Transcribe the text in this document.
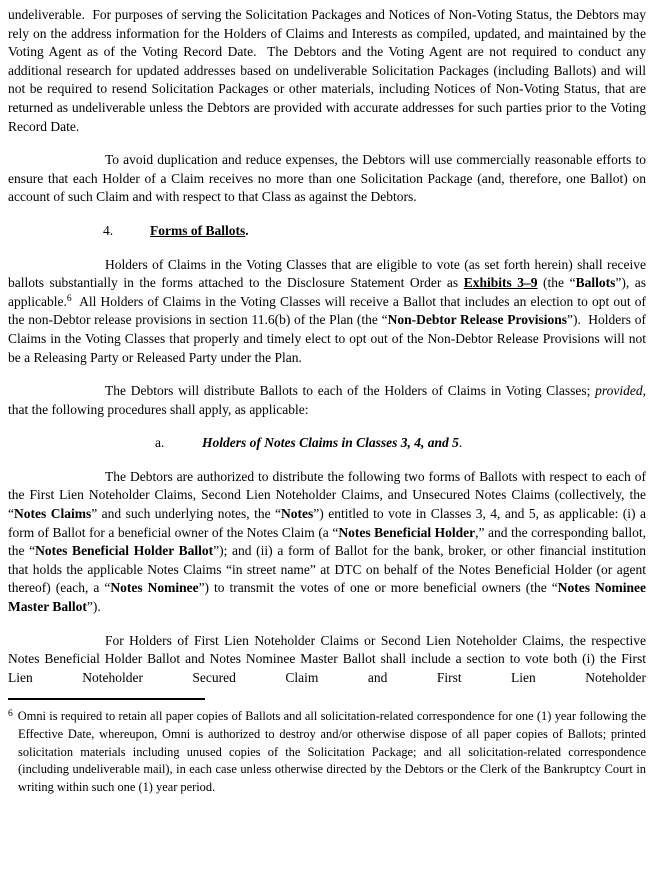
undeliverable.  For purposes of serving the Solicitation Packages and Notices of Non-Voting Status, the Debtors may rely on the address information for the Holders of Claims and Interests as compiled, updated, and maintained by the Voting Agent as of the Voting Record Date.  The Debtors and the Voting Agent are not required to conduct any additional research for updated addresses based on undeliverable Solicitation Packages (including Ballots) and will not be required to resend Solicitation Packages or other materials, including Notices of Non-Voting Status, that are returned as undeliverable unless the Debtors are provided with accurate addresses for such parties prior to the Voting Record Date.

To avoid duplication and reduce expenses, the Debtors will use commercially reasonable efforts to ensure that each Holder of a Claim receives no more than one Solicitation Package (and, therefore, one Ballot) on account of such Claim and with respect to that Class as against the Debtors.

4.	Forms of Ballots.

Holders of Claims in the Voting Classes that are eligible to vote (as set forth herein) shall receive ballots substantially in the forms attached to the Disclosure Statement Order as Exhibits 3–9 (the “Ballots”), as applicable.$^6$  All Holders of Claims in the Voting Classes will receive a Ballot that includes an election to opt out of the non-Debtor release provisions in section 11.6(b) of the Plan (the “Non-Debtor Release Provisions”).  Holders of Claims in the Voting Classes that properly and timely elect to opt out of the Non-Debtor Release Provisions will not be a Releasing Party or Released Party under the Plan.

The Debtors will distribute Ballots to each of the Holders of Claims in Voting Classes; provided, that the following procedures shall apply, as applicable:

a.	Holders of Notes Claims in Classes 3, 4, and 5.

The Debtors are authorized to distribute the following two forms of Ballots with respect to each of the First Lien Noteholder Claims, Second Lien Noteholder Claims, and Unsecured Notes Claims (collectively, the “Notes Claims” and such underlying notes, the “Notes”) entitled to vote in Classes 3, 4, and 5, as applicable: (i) a form of Ballot for a beneficial owner of the Notes Claim (a “Notes Beneficial Holder,” and the corresponding ballot, the “Notes Beneficial Holder Ballot”); and (ii) a form of Ballot for the bank, broker, or other financial institution that holds the applicable Notes Claims “in street name” at DTC on behalf of the Notes Beneficial Holder (or agent thereof) (each, a “Notes Nominee”) to transmit the votes of one or more beneficial owners (the “Notes Nominee Master Ballot”).

For Holders of First Lien Noteholder Claims or Second Lien Noteholder Claims, the respective Notes Beneficial Holder Ballot and Notes Nominee Master Ballot shall include a section to vote both (i) the First Lien Noteholder Secured Claim and First Lien Noteholder

$^6$ Omni is required to retain all paper copies of Ballots and all solicitation-related correspondence for one (1) year following the Effective Date, whereupon, Omni is authorized to destroy and/or otherwise dispose of all paper copies of Ballots; printed solicitation materials including unused copies of the Solicitation Package; and all solicitation-related correspondence (including undeliverable mail), in each case unless otherwise directed by the Debtors or the Clerk of the Bankruptcy Court in writing within such one (1) year period.
